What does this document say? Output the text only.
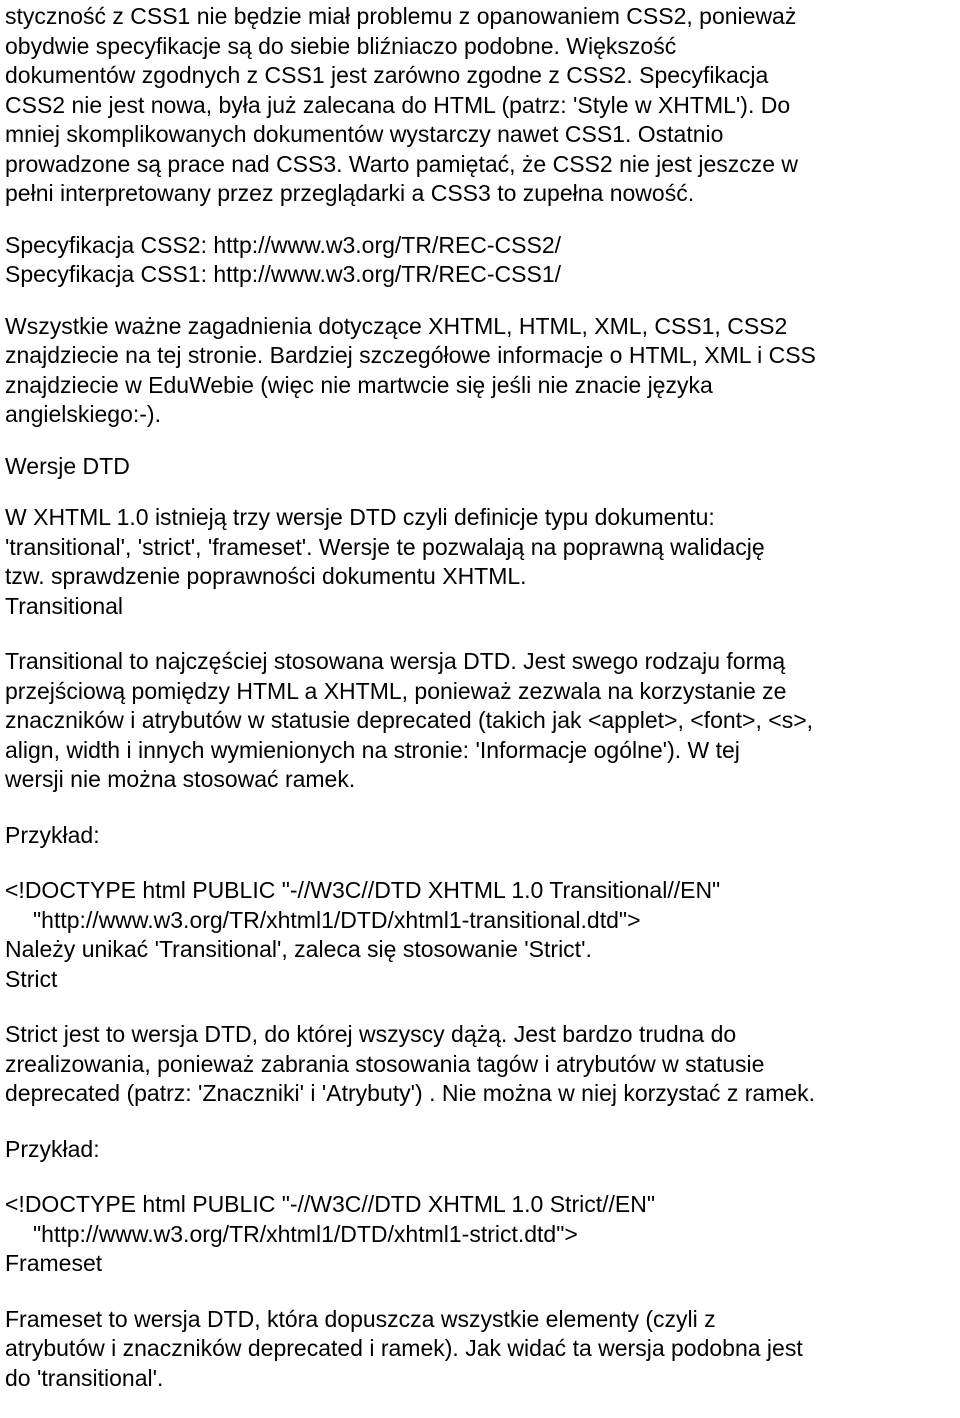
styczność z CSS1 nie będzie miał problemu z opanowaniem CSS2, ponieważ
obydwie specyfikacje są do siebie bliźniaczo podobne. Większość
dokumentów zgodnych z CSS1 jest zarówno zgodne z CSS2. Specyfikacja
CSS2 nie jest nowa, była już zalecana do HTML (patrz: 'Style w XHTML'). Do
mniej skomplikowanych dokumentów wystarczy nawet CSS1. Ostatnio
prowadzone są prace nad CSS3. Warto pamiętać, że CSS2 nie jest jeszcze w
pełni interpretowany przez przeglądarki a CSS3 to zupełna nowość.
Specyfikacja CSS2: http://www.w3.org/TR/REC-CSS2/
Specyfikacja CSS1: http://www.w3.org/TR/REC-CSS1/
Wszystkie ważne zagadnienia dotyczące XHTML, HTML, XML, CSS1, CSS2
znajdziecie na tej stronie. Bardziej szczegółowe informacje o HTML, XML i CSS
znajdziecie w EduWebie (więc nie martwcie się jeśli nie znacie języka
angielskiego:-).
Wersje DTD
W XHTML 1.0 istnieją trzy wersje DTD czyli definicje typu dokumentu:
'transitional', 'strict', 'frameset'. Wersje te pozwalają na poprawną walidację
tzw. sprawdzenie poprawności dokumentu XHTML.
Transitional
Transitional to najczęściej stosowana wersja DTD. Jest swego rodzaju formą
przejściową pomiędzy HTML a XHTML, ponieważ zezwala na korzystanie ze
znaczników i atrybutów w statusie deprecated (takich jak <applet>, <font>, <s>,
align, width i innych wymienionych na stronie: 'Informacje ogólne'). W tej
wersji nie można stosować ramek.
Przykład:
<!DOCTYPE html PUBLIC "-//W3C//DTD XHTML 1.0 Transitional//EN"
"http://www.w3.org/TR/xhtml1/DTD/xhtml1-transitional.dtd">
Należy unikać 'Transitional', zaleca się stosowanie 'Strict'.
Strict
Strict jest to wersja DTD, do której wszyscy dążą. Jest bardzo trudna do
zrealizowania, ponieważ zabrania stosowania tagów i atrybutów w statusie
deprecated (patrz: 'Znaczniki' i 'Atrybuty') . Nie można w niej korzystać z ramek.
Przykład:
<!DOCTYPE html PUBLIC "-//W3C//DTD XHTML 1.0 Strict//EN"
"http://www.w3.org/TR/xhtml1/DTD/xhtml1-strict.dtd">
Frameset
Frameset to wersja DTD, która dopuszcza wszystkie elementy (czyli z
atrybutów i znaczników deprecated i ramek). Jak widać ta wersja podobna jest
do 'transitional'.
